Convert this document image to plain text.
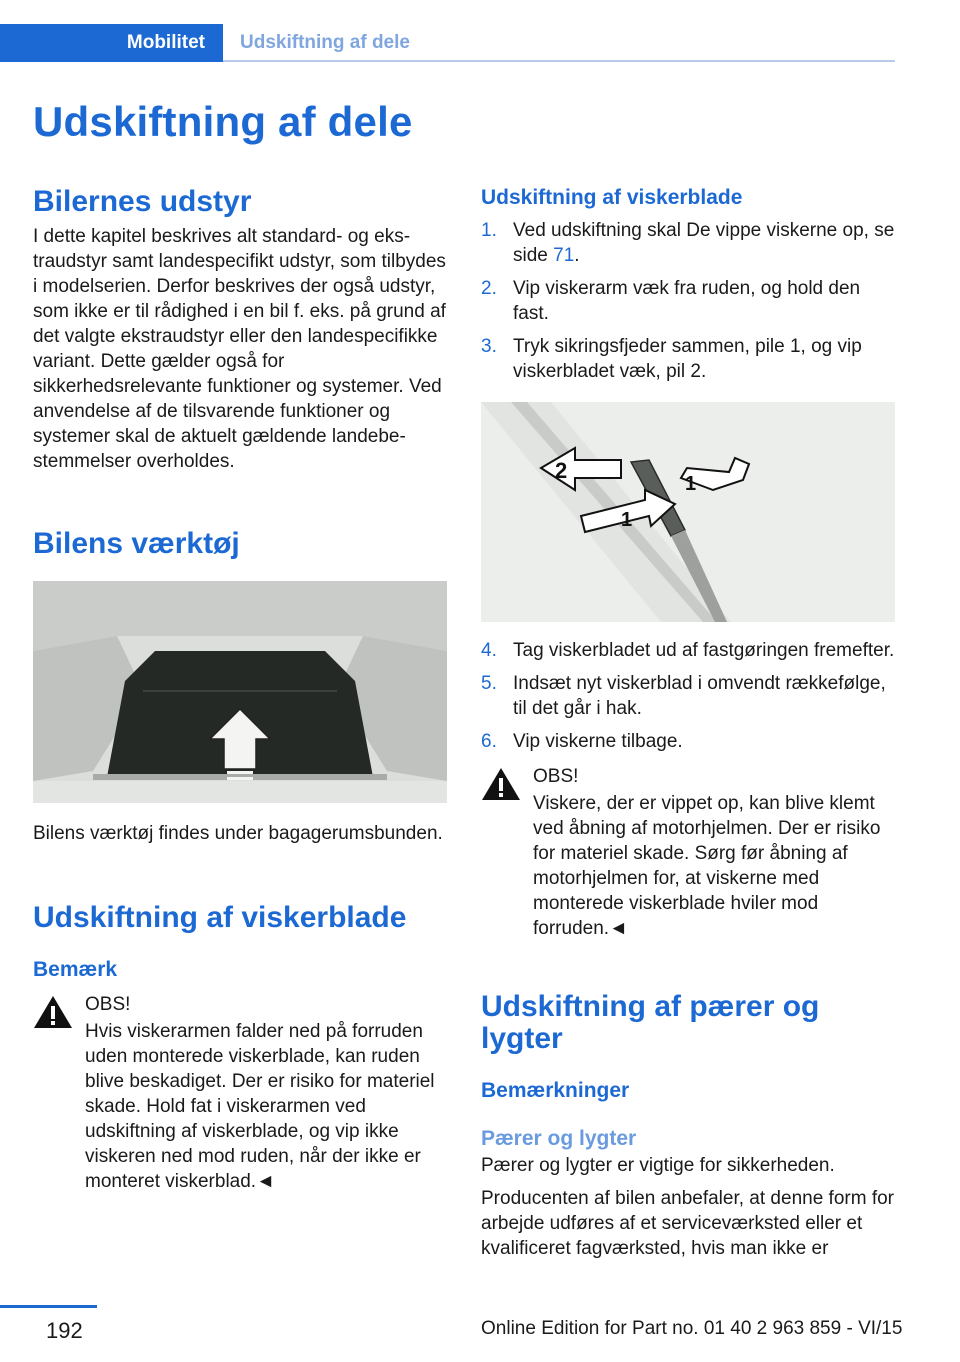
Mobilitet	Udskiftning af dele
Udskiftning af dele
Bilernes udstyr

I dette kapitel beskrives alt standard- og ekstraudstyr samt landespecifikt udstyr, som tilbydes i modelserien. Derfor beskrives der også udstyr, som ikke er til rådighed i en bil f. eks. på grund af det valgte ekstraudstyr eller den landespecifikke variant. Dette gælder også for sikkerhedsrelevante funktioner og systemer. Ved anvendelse af de tilsvarende funktioner og systemer skal de aktuelt gældende landebestemmelser overholdes.

Bilens værktøj

Bilens værktøj findes under bagagerumsbunden.

Udskiftning af viskerblade
Bemærk

OBS!

Hvis viskerarmen falder ned på forruden uden monterede viskerblade, kan ruden blive beskadiget. Der er risiko for materiel skade. Hold fat i viskerarmen ved udskiftning af viskerblade, og vip ikke viskeren ned mod ruden, når der ikke er monteret viskerblad.◄

Udskiftning af viskerblade
1. Ved udskiftning skal De vippe viskerne op, se side 71.
2. Vip viskerarm væk fra ruden, og hold den fast.
3. Tryk sikringsfjeder sammen, pile 1, og vip viskerbladet væk, pil 2.
2
1
1
4. Tag viskerbladet ud af fastgøringen fremefter.
5. Indsæt nyt viskerblad i omvendt rækkefølge, til det går i hak.
6. Vip viskerne tilbage.

OBS!

Viskere, der er vippet op, kan blive klemt ved åbning af motorhjelmen. Der er risiko for materiel skade. Sørg før åbning af motorhjelmen for, at viskerne med monterede viskerblade hviler mod forruden.◄

Udskiftning af pærer og lygter
Bemærkninger
Pærer og lygter

Pærer og lygter er vigtige for sikkerheden.

Producenten af bilen anbefaler, at denne form for arbejde udføres af et serviceværksted eller et kvalificeret fagværksted, hvis man ikke er

192	Online Edition for Part no. 01 40 2 963 859 - VI/15
